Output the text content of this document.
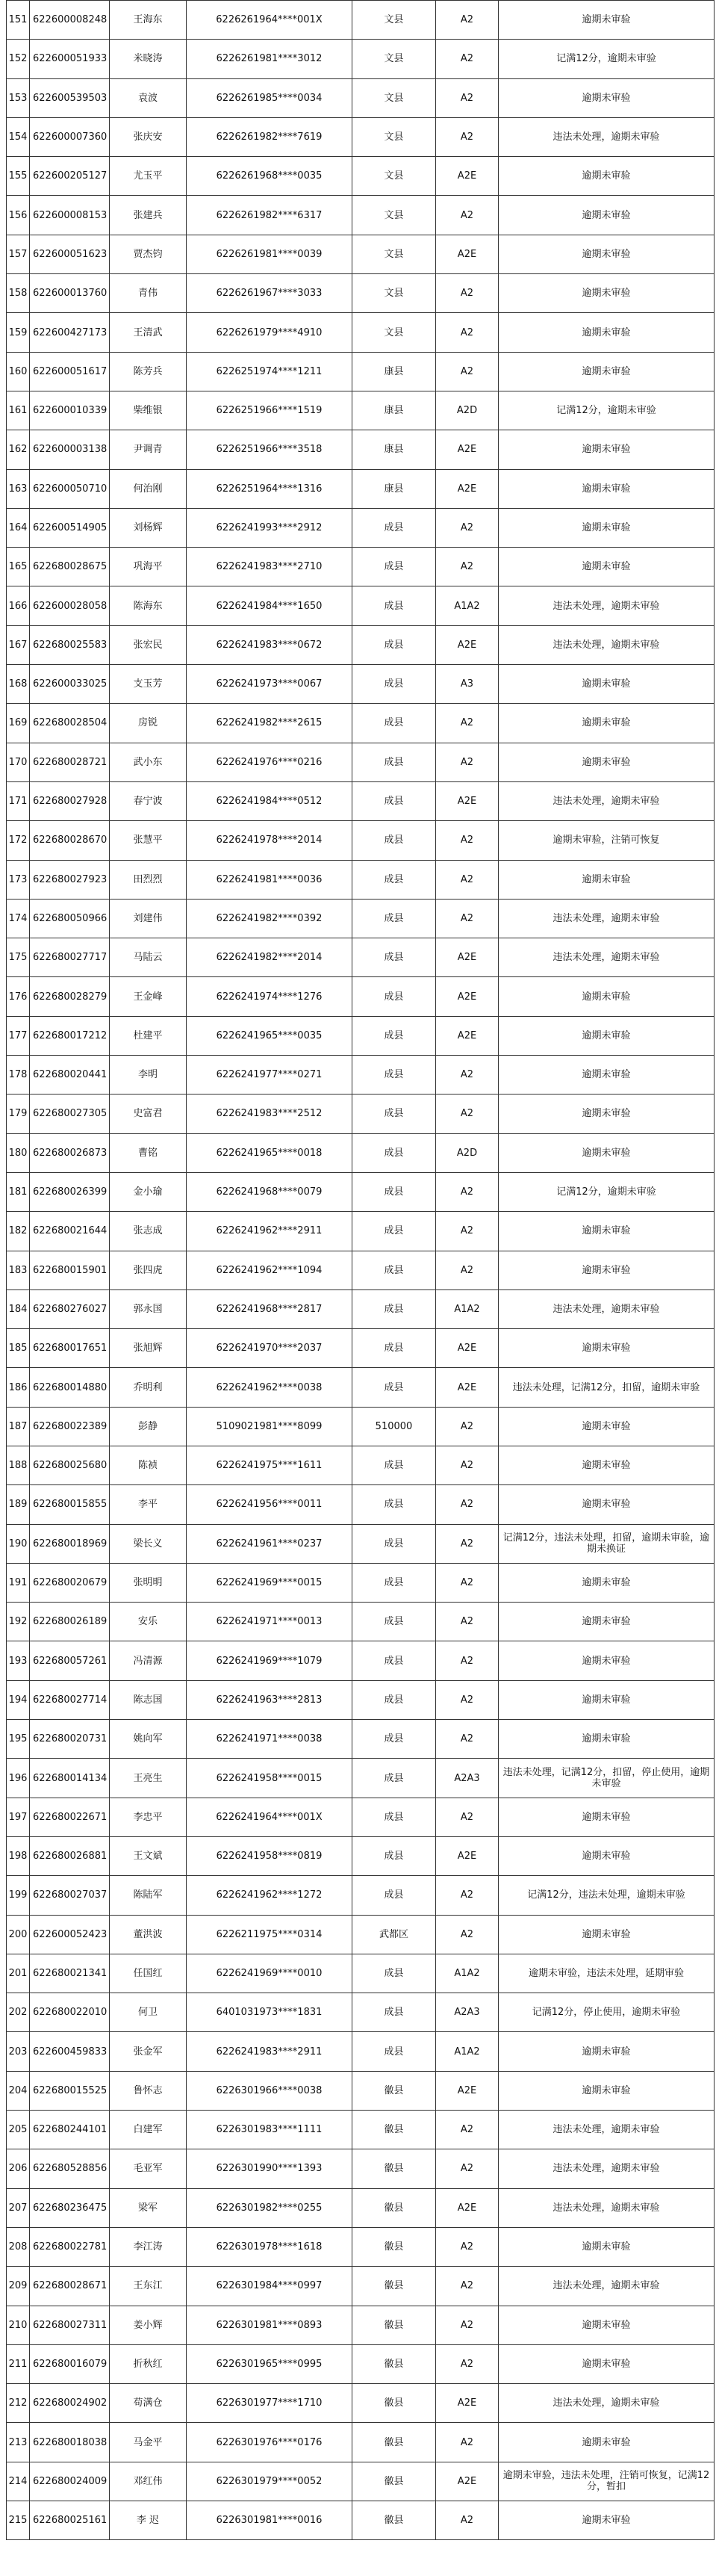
151	622600008248	王海东	6226261964****001X	文县	A2	逾期未审验
152	622600051933	米晓涛	6226261981****3012	文县	A2	记满12分，逾期未审验
153	622600539503	袁波	6226261985****0034	文县	A2	逾期未审验
154	622600007360	张庆安	6226261982****7619	文县	A2	违法未处理，逾期未审验
155	622600205127	尤玉平	6226261968****0035	文县	A2E	逾期未审验
156	622600008153	张建兵	6226261982****6317	文县	A2	逾期未审验
157	622600051623	贾杰钧	6226261981****0039	文县	A2E	逾期未审验
158	622600013760	青伟	6226261967****3033	文县	A2	逾期未审验
159	622600427173	王清武	6226261979****4910	文县	A2	逾期未审验
160	622600051617	陈芳兵	6226251974****1211	康县	A2	逾期未审验
161	622600010339	柴维银	6226251966****1519	康县	A2D	记满12分，逾期未审验
162	622600003138	尹调青	6226251966****3518	康县	A2E	逾期未审验
163	622600050710	何治刚	6226251964****1316	康县	A2E	逾期未审验
164	622600514905	刘杨辉	6226241993****2912	成县	A2	逾期未审验
165	622680028675	巩海平	6226241983****2710	成县	A2	逾期未审验
166	622600028058	陈海东	6226241984****1650	成县	A1A2	违法未处理，逾期未审验
167	622680025583	张宏民	6226241983****0672	成县	A2E	违法未处理，逾期未审验
168	622600033025	支玉芳	6226241973****0067	成县	A3	逾期未审验
169	622680028504	房锐	6226241982****2615	成县	A2	逾期未审验
170	622680028721	武小东	6226241976****0216	成县	A2	逾期未审验
171	622680027928	春宁波	6226241984****0512	成县	A2E	违法未处理，逾期未审验
172	622680028670	张慧平	6226241978****2014	成县	A2	逾期未审验，注销可恢复
173	622680027923	田烈烈	6226241981****0036	成县	A2	逾期未审验
174	622680050966	刘建伟	6226241982****0392	成县	A2	违法未处理，逾期未审验
175	622680027717	马陆云	6226241982****2014	成县	A2E	违法未处理，逾期未审验
176	622680028279	王金峰	6226241974****1276	成县	A2E	逾期未审验
177	622680017212	杜建平	6226241965****0035	成县	A2E	逾期未审验
178	622680020441	李明	6226241977****0271	成县	A2	逾期未审验
179	622680027305	史富君	6226241983****2512	成县	A2	逾期未审验
180	622680026873	曹铭	6226241965****0018	成县	A2D	逾期未审验
181	622680026399	金小瑜	6226241968****0079	成县	A2	记满12分，逾期未审验
182	622680021644	张志成	6226241962****2911	成县	A2	逾期未审验
183	622680015901	张四虎	6226241962****1094	成县	A2	逾期未审验
184	622680276027	郭永国	6226241968****2817	成县	A1A2	违法未处理，逾期未审验
185	622680017651	张旭辉	6226241970****2037	成县	A2E	逾期未审验
186	622680014880	乔明利	6226241962****0038	成县	A2E	违法未处理，记满12分，扣留，逾期未审验
187	622680022389	彭静	5109021981****8099	510000	A2	逾期未审验
188	622680025680	陈祯	6226241975****1611	成县	A2	逾期未审验
189	622680015855	李平	6226241956****0011	成县	A2	逾期未审验
190	622680018969	梁长义	6226241961****0237	成县	A2	记满12分，违法未处理，扣留，逾期未审验，逾期未换证
191	622680020679	张明明	6226241969****0015	成县	A2	逾期未审验
192	622680026189	安乐	6226241971****0013	成县	A2	逾期未审验
193	622680057261	冯清源	6226241969****1079	成县	A2	逾期未审验
194	622680027714	陈志国	6226241963****2813	成县	A2	逾期未审验
195	622680020731	姚向军	6226241971****0038	成县	A2	逾期未审验
196	622680014134	王亮生	6226241958****0015	成县	A2A3	违法未处理，记满12分，扣留，停止使用，逾期未审验
197	622680022671	李忠平	6226241964****001X	成县	A2	逾期未审验
198	622680026881	王文斌	6226241958****0819	成县	A2E	逾期未审验
199	622680027037	陈陆军	6226241962****1272	成县	A2	记满12分，违法未处理，逾期未审验
200	622600052423	董洪波	6226211975****0314	武都区	A2	逾期未审验
201	622680021341	任国红	6226241969****0010	成县	A1A2	逾期未审验，违法未处理，延期审验
202	622680022010	何卫	6401031973****1831	成县	A2A3	记满12分，停止使用，逾期未审验
203	622600459833	张金军	6226241983****2911	成县	A1A2	逾期未审验
204	622680015525	鲁怀志	6226301966****0038	徽县	A2E	逾期未审验
205	622680244101	白建军	6226301983****1111	徽县	A2	违法未处理，逾期未审验
206	622680528856	毛亚军	6226301990****1393	徽县	A2	违法未处理，逾期未审验
207	622680236475	梁军	6226301982****0255	徽县	A2E	违法未处理，逾期未审验
208	622680022781	李江涛	6226301978****1618	徽县	A2	逾期未审验
209	622680028671	王东江	6226301984****0997	徽县	A2	违法未处理，逾期未审验
210	622680027311	姜小辉	6226301981****0893	徽县	A2	逾期未审验
211	622680016079	折秋红	6226301965****0995	徽县	A2	逾期未审验
212	622680024902	苟满仓	6226301977****1710	徽县	A2E	违法未处理，逾期未审验
213	622680018038	马金平	6226301976****0176	徽县	A2	逾期未审验
214	622680024009	邓红伟	6226301979****0052	徽县	A2E	逾期未审验，违法未处理，注销可恢复，记满12分，暂扣
215	622680025161	李 迟	6226301981****0016	徽县	A2	逾期未审验
